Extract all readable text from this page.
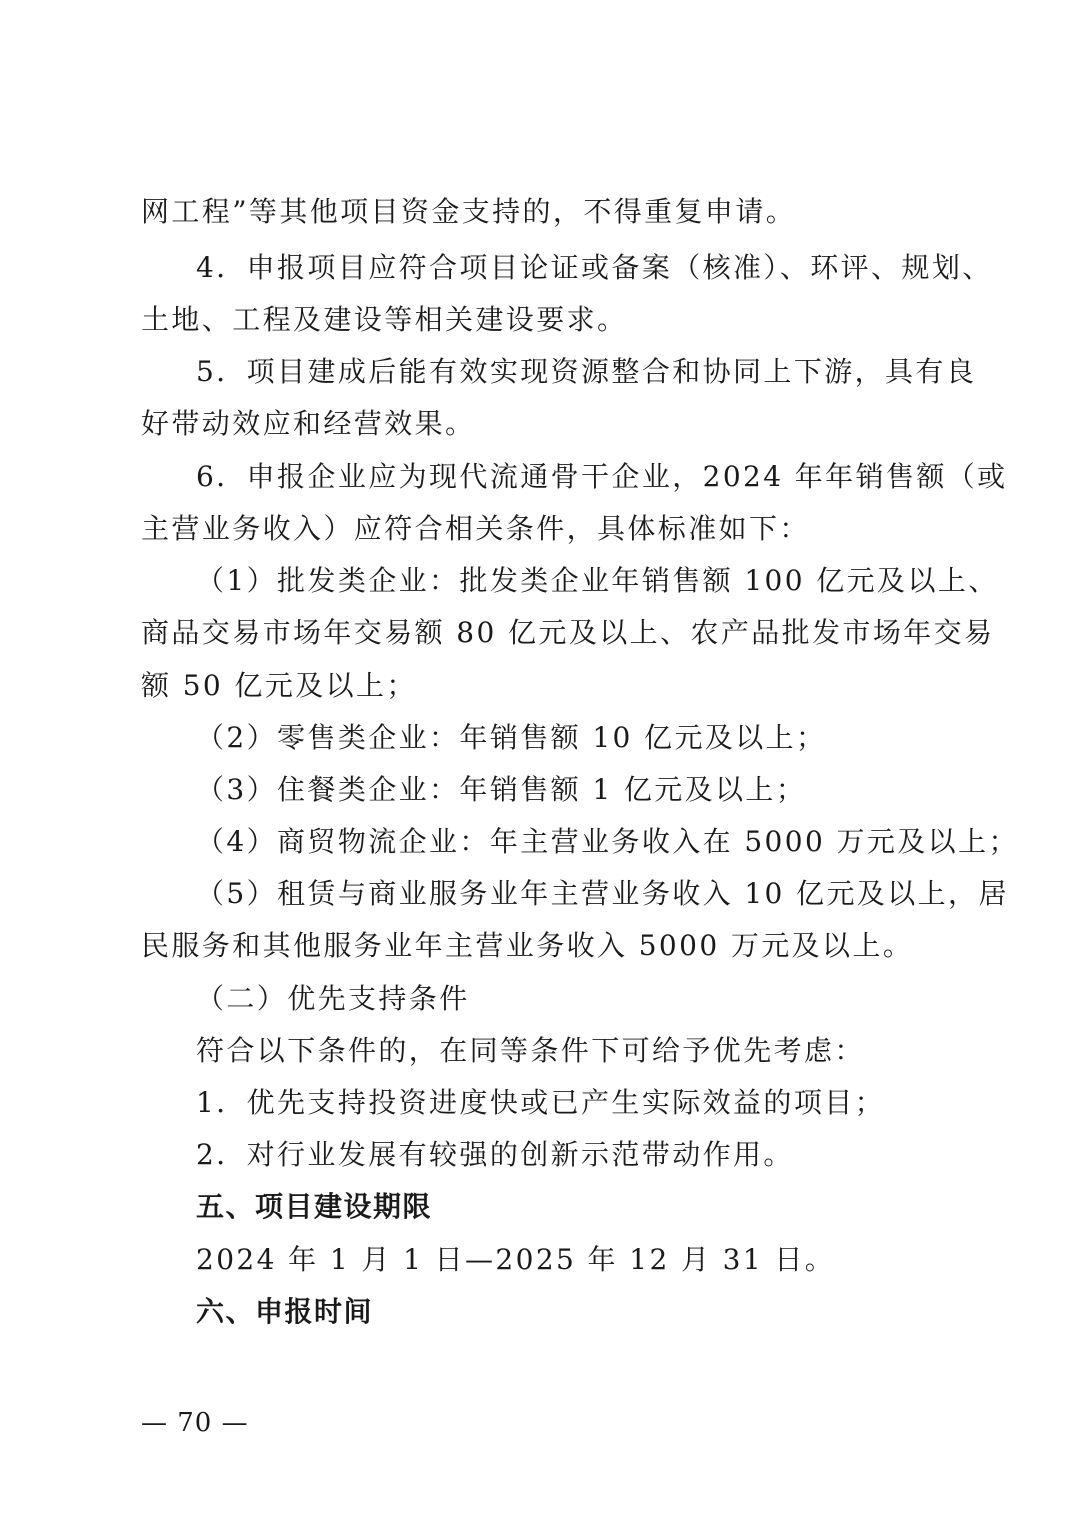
网工程”等其他项目资金支持的，不得重复申请。
4．申报项目应符合项目论证或备案（核准）、环评、规划、
土地、工程及建设等相关建设要求。
5．项目建成后能有效实现资源整合和协同上下游，具有良
好带动效应和经营效果。
6．申报企业应为现代流通骨干企业，2024 年年销售额（或
主营业务收入）应符合相关条件，具体标准如下：
（1）批发类企业：批发类企业年销售额 100 亿元及以上、
商品交易市场年交易额 80 亿元及以上、农产品批发市场年交易
额 50 亿元及以上；
（2）零售类企业：年销售额 10 亿元及以上；
（3）住餐类企业：年销售额 1 亿元及以上；
（4）商贸物流企业：年主营业务收入在 5000 万元及以上；
（5）租赁与商业服务业年主营业务收入 10 亿元及以上，居
民服务和其他服务业年主营业务收入 5000 万元及以上。
（二）优先支持条件
符合以下条件的，在同等条件下可给予优先考虑：
1．优先支持投资进度快或已产生实际效益的项目；
2．对行业发展有较强的创新示范带动作用。
五、项目建设期限
2024 年 1 月 1 日—2025 年 12 月 31 日。
六、申报时间
— 70 —
